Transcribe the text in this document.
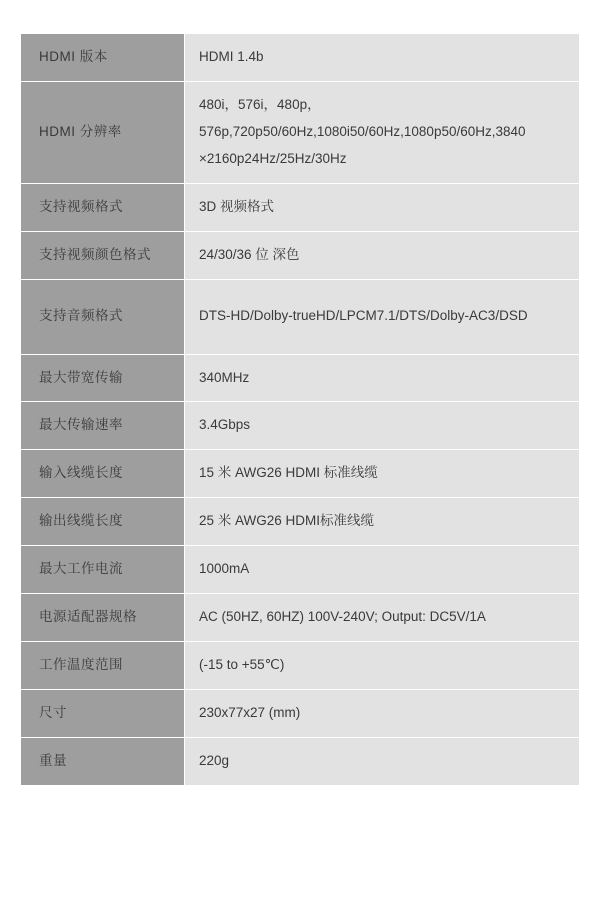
HDMI 版本	HDMI 1.4b

HDMI 分辨率	480i，576i，480p，
576p,720p50/60Hz,1080i50/60Hz,1080p50/60Hz,3840
×2160p24Hz/25Hz/30Hz

支持视频格式	3D 视频格式

支持视频颜色格式	24/30/36 位 深色

支持音频格式	DTS-HD/Dolby-trueHD/LPCM7.1/DTS/Dolby-AC3/DSD

最大带宽传输	340MHz

最大传输速率	3.4Gbps

输入线缆长度	15 米 AWG26 HDMI 标准线缆

输出线缆长度	25 米 AWG26 HDMI标准线缆

最大工作电流	1000mA

电源适配器规格	AC (50HZ, 60HZ) 100V-240V; Output: DC5V/1A

工作温度范围	(-15 to +55℃)

尺寸	230x77x27 (mm)

重量	220g
